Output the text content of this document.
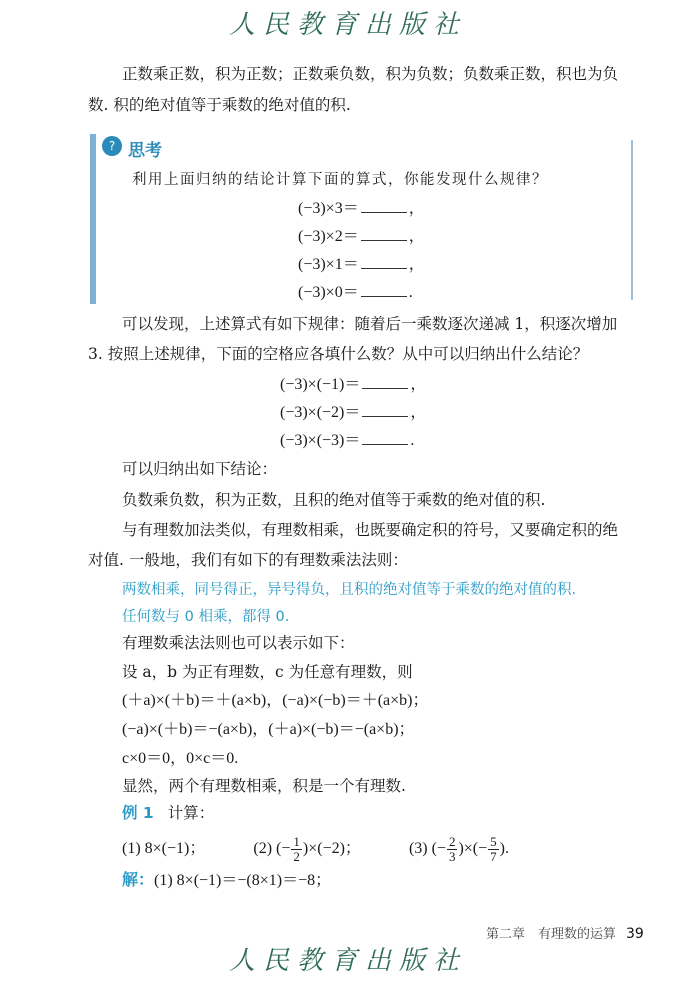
人民教育出版社
正数乘正数，积为正数；正数乘负数，积为负数；负数乘正数，积也为负
数. 积的绝对值等于乘数的绝对值的积.
? 思考
利用上面归纳的结论计算下面的算式，你能发现什么规律？
(−3)×3＝	，
(−3)×2＝	，
(−3)×1＝	，
(−3)×0＝	.
可以发现，上述算式有如下规律：随着后一乘数逐次递减 1，积逐次增加
3. 按照上述规律，下面的空格应各填什么数？从中可以归纳出什么结论？
(−3)×(−1)＝	，
(−3)×(−2)＝	，
(−3)×(−3)＝	.
可以归纳出如下结论：
负数乘负数，积为正数，且积的绝对值等于乘数的绝对值的积.
与有理数加法类似，有理数相乘，也既要确定积的符号，又要确定积的绝
对值. 一般地，我们有如下的有理数乘法法则：
两数相乘，同号得正，异号得负，且积的绝对值等于乘数的绝对值的积.
任何数与 0 相乘，都得 0.
有理数乘法法则也可以表示如下：
设 a，b 为正有理数，c 为任意有理数，则
(＋a)×(＋b)＝＋(a×b)，(−a)×(−b)＝＋(a×b)；
(−a)×(＋b)＝−(a×b)，(＋a)×(−b)＝−(a×b)；
c×0＝0，0×c＝0.
显然，两个有理数相乘，积是一个有理数.
例 1 计算：
(1) 8×(−1)；	(2) (− $\frac{1}{2} )\times(-2)$；	(3) (− $\frac{2}{3}$ )×(− $\frac{5}{7}$ ).
解：(1) 8×(−1)＝−(8×1)＝−8；
第二章　有理数的运算 39
人民教育出版社
